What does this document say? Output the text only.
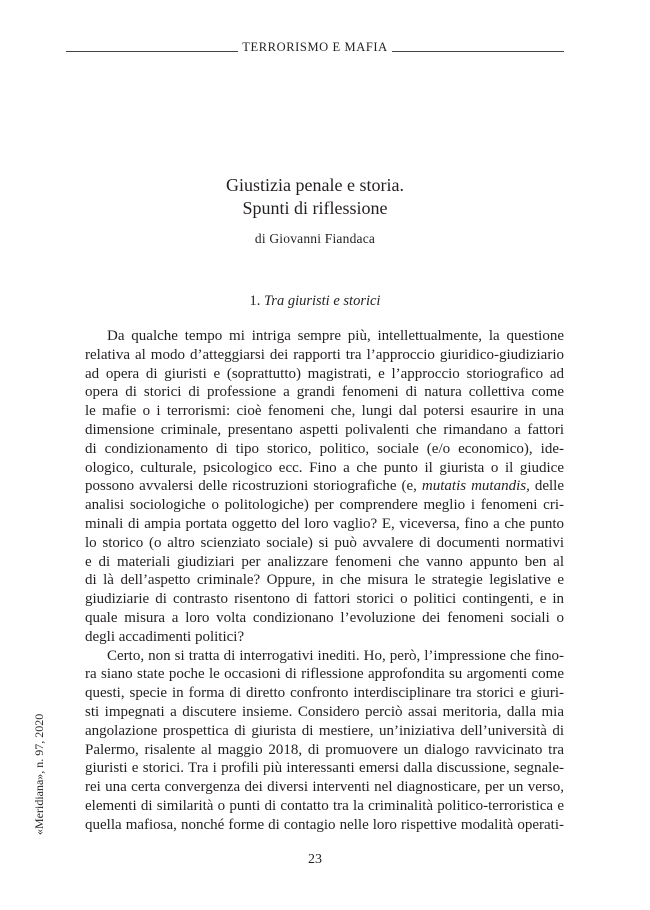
TERRORISMO E MAFIA
Giustizia penale e storia.
Spunti di riflessione
di Giovanni Fiandaca
1. Tra giuristi e storici
Da qualche tempo mi intriga sempre più, intellettualmente, la questione
relativa al modo d’atteggiarsi dei rapporti tra l’approccio giuridico-giudiziario
ad opera di giuristi e (soprattutto) magistrati, e l’approccio storiografico ad
opera di storici di professione a grandi fenomeni di natura collettiva come
le mafie o i terrorismi: cioè fenomeni che, lungi dal potersi esaurire in una
dimensione criminale, presentano aspetti polivalenti che rimandano a fattori
di condizionamento di tipo storico, politico, sociale (e/o economico), ide-
ologico, culturale, psicologico ecc. Fino a che punto il giurista o il giudice
possono avvalersi delle ricostruzioni storiografiche (e, mutatis mutandis, delle
analisi sociologiche o politologiche) per comprendere meglio i fenomeni cri-
minali di ampia portata oggetto del loro vaglio? E, viceversa, fino a che punto
lo storico (o altro scienziato sociale) si può avvalere di documenti normativi
e di materiali giudiziari per analizzare fenomeni che vanno appunto ben al
di là dell’aspetto criminale? Oppure, in che misura le strategie legislative e
giudiziarie di contrasto risentono di fattori storici o politici contingenti, e in
quale misura a loro volta condizionano l’evoluzione dei fenomeni sociali o
degli accadimenti politici?
Certo, non si tratta di interrogativi inediti. Ho, però, l’impressione che fino-
ra siano state poche le occasioni di riflessione approfondita su argomenti come
questi, specie in forma di diretto confronto interdisciplinare tra storici e giuri-
sti impegnati a discutere insieme. Considero perciò assai meritoria, dalla mia
angolazione prospettica di giurista di mestiere, un’iniziativa dell’università di
Palermo, risalente al maggio 2018, di promuovere un dialogo ravvicinato tra
giuristi e storici. Tra i profili più interessanti emersi dalla discussione, segnale-
rei una certa convergenza dei diversi interventi nel diagnosticare, per un verso,
elementi di similarità o punti di contatto tra la criminalità politico-terroristica e
quella mafiosa, nonché forme di contagio nelle loro rispettive modalità operati-
«Meridiana», n. 97, 2020
23
